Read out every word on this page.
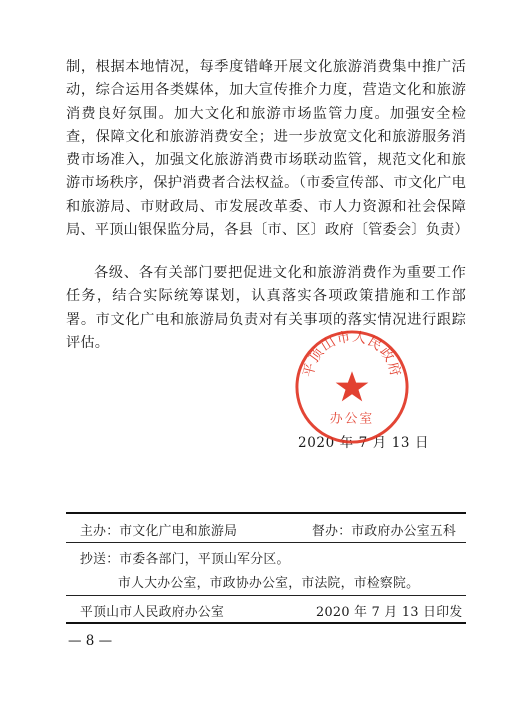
制，根据本地情况，每季度错峰开展文化旅游消费集中推广活动，综合运用各类媒体，加大宣传推介力度，营造文化和旅游消费良好氛围。加大文化和旅游市场监管力度。加强安全检查，保障文化和旅游消费安全；进一步放宽文化和旅游服务消费市场准入，加强文化旅游消费市场联动监管，规范文化和旅游市场秩序，保护消费者合法权益。（市委宣传部、市文化广电和旅游局、市财政局、市发展改革委、市人力资源和社会保障局、平顶山银保监分局，各县〔市、区〕政府〔管委会〕负责）

各级、各有关部门要把促进文化和旅游消费作为重要工作任务，结合实际统筹谋划，认真落实各项政策措施和工作部署。市文化广电和旅游局负责对有关事项的落实情况进行跟踪评估。

2020 年 7 月 13 日
平顶山市人民政府
办公室
主办：市文化广电和旅游局	督办：市政府办公室五科
抄送：市委各部门，平顶山军分区。
市人大办公室，市政协办公室，市法院，市检察院。
平顶山市人民政府办公室	2020 年 7 月 13 日印发
— 8 —
